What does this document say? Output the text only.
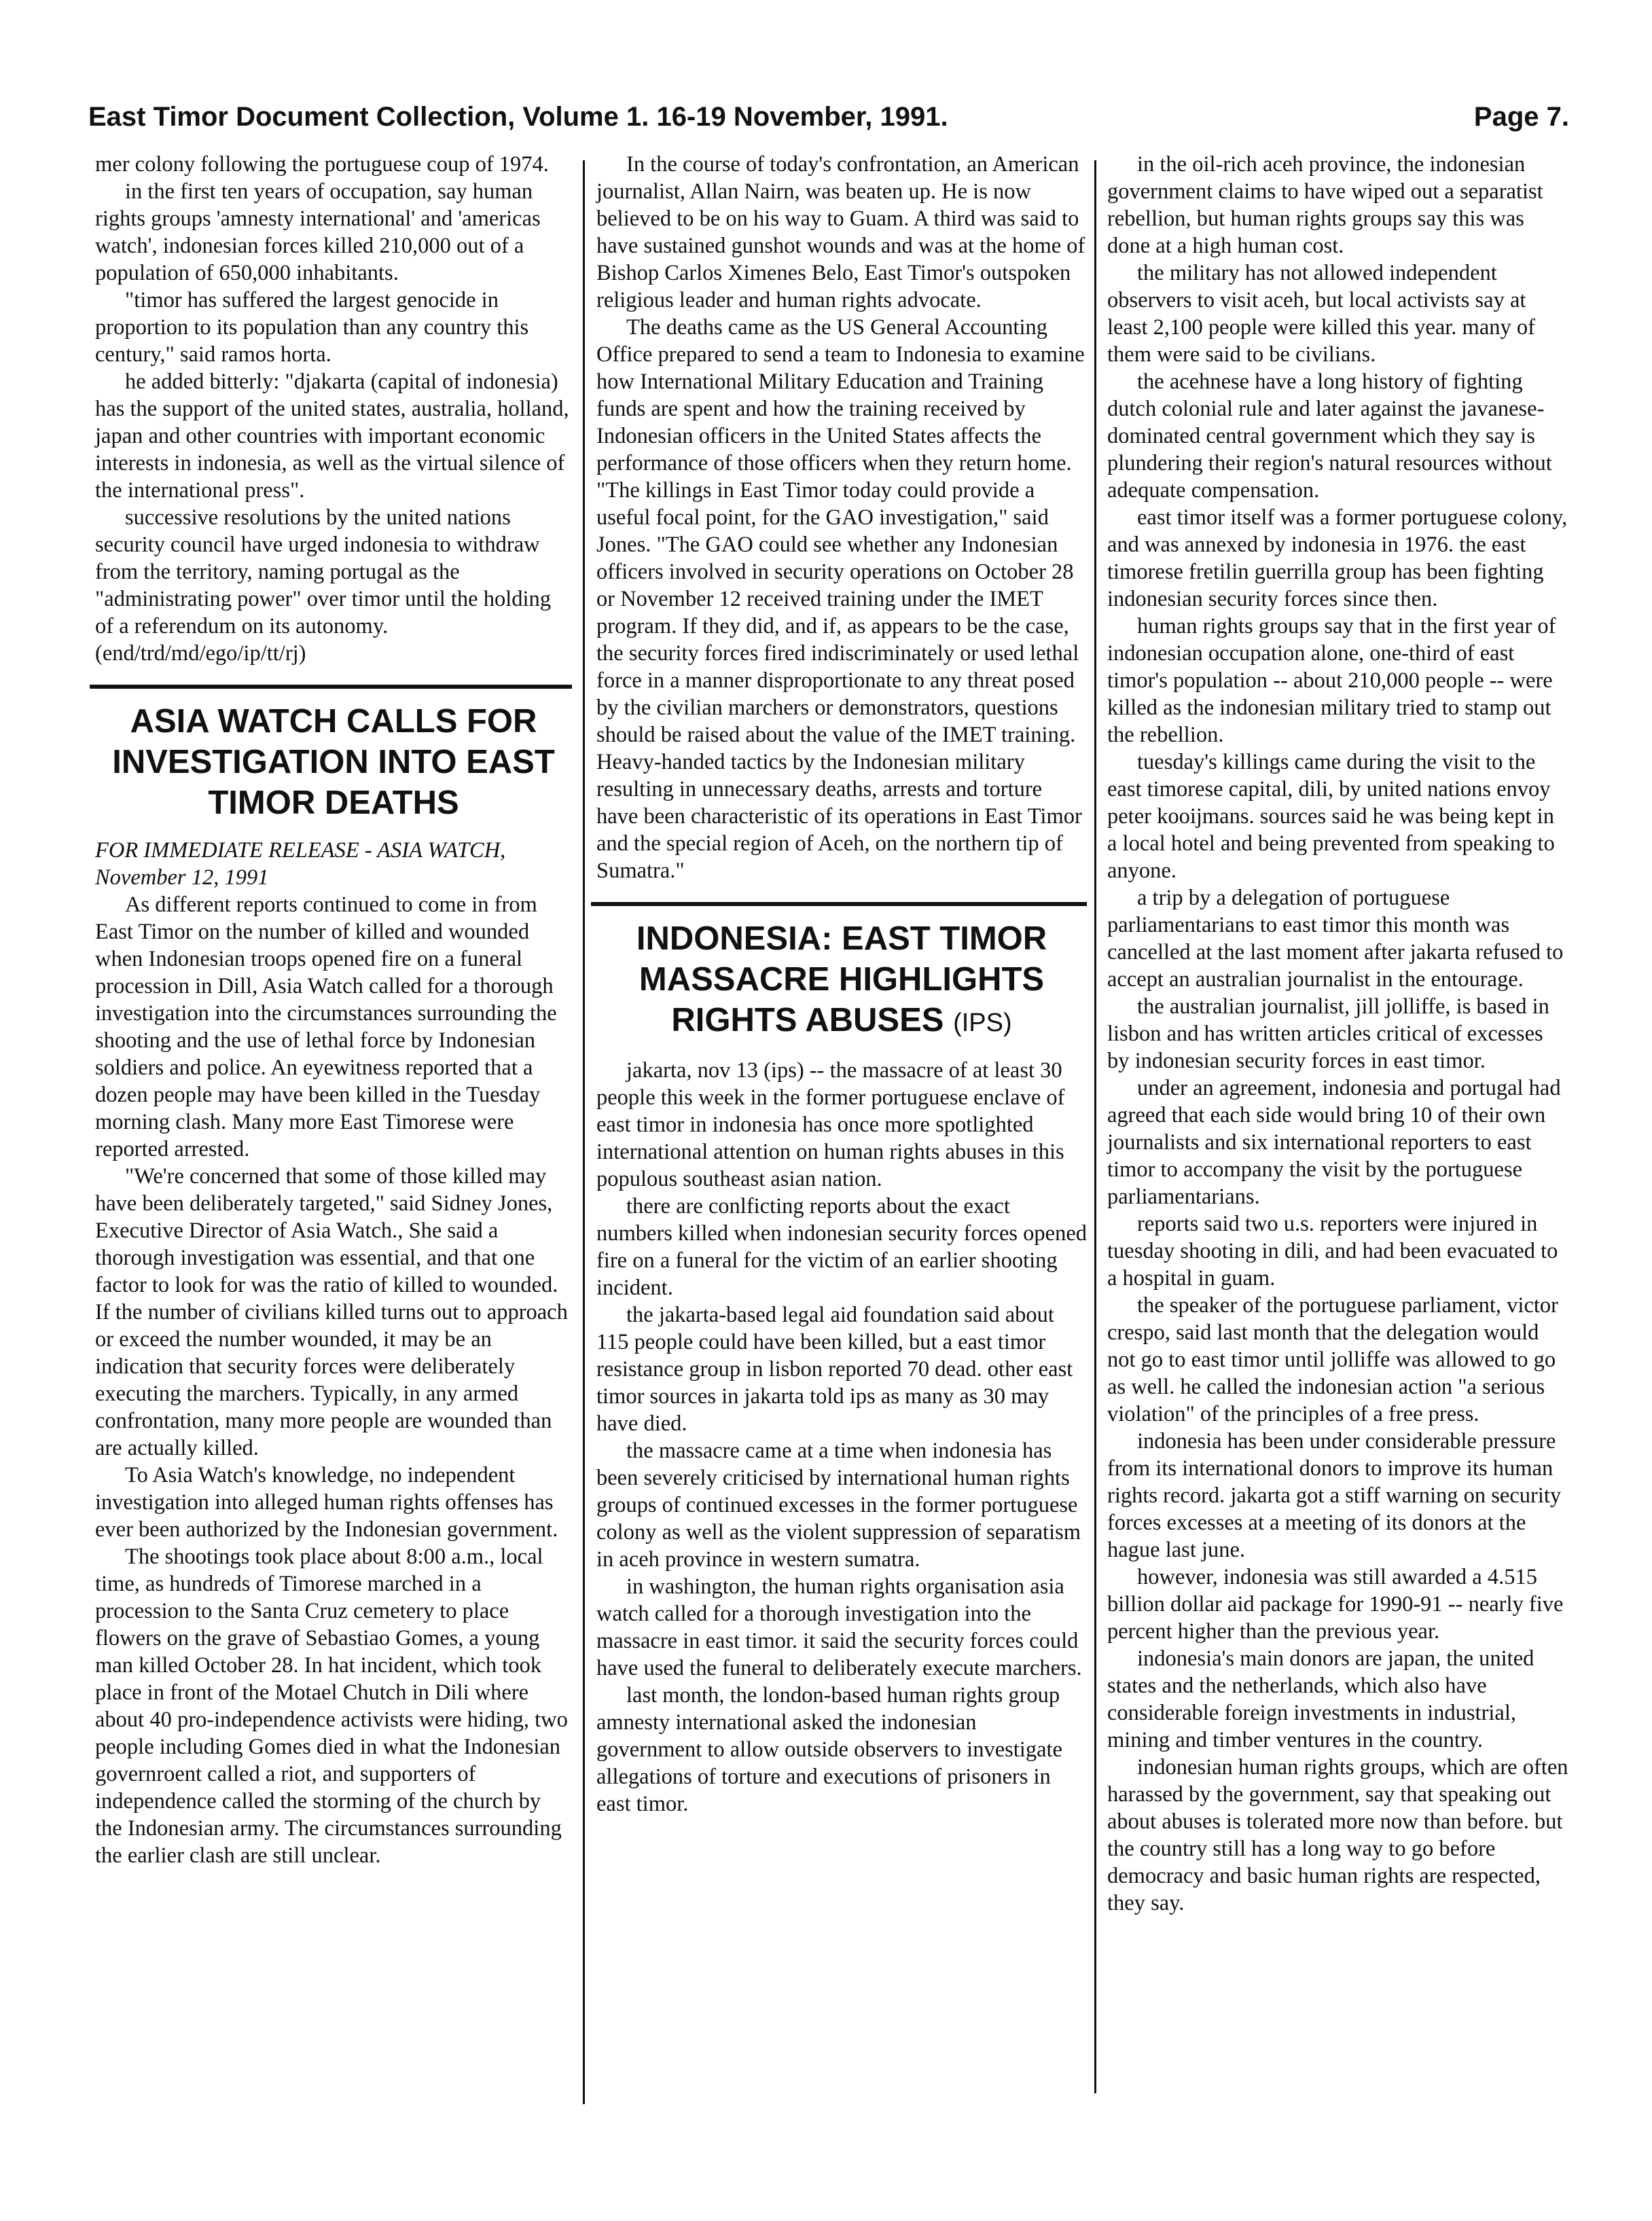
East Timor Document Collection, Volume 1. 16-19 November, 1991.	Page 7.

mer colony following the portuguese coup of 1974.

in the first ten years of occupation, say human rights groups 'amnesty international' and 'americas watch', indonesian forces killed 210,000 out of a population of 650,000 inhabitants.

"timor has suffered the largest genocide in proportion to its population than any country this century," said ramos horta.

he added bitterly: "djakarta (capital of indonesia) has the support of the united states, australia, holland, japan and other countries with important economic interests in indonesia, as well as the virtual silence of the international press".

successive resolutions by the united nations security council have urged indonesia to withdraw from the territory, naming portugal as the "administrating power" over timor until the holding of a referendum on its autonomy. (end/trd/md/ego/ip/tt/rj)

ASIA WATCH CALLS FOR INVESTIGATION INTO EAST TIMOR DEATHS

FOR IMMEDIATE RELEASE - ASIA WATCH, November 12, 1991

As different reports continued to come in from East Timor on the number of killed and wounded when Indonesian troops opened fire on a funeral procession in Dill, Asia Watch called for a thorough investigation into the circumstances surrounding the shooting and the use of lethal force by Indonesian soldiers and police. An eyewitness reported that a dozen people may have been killed in the Tuesday morning clash. Many more East Timorese were reported arrested.

"We're concerned that some of those killed may have been deliberately targeted," said Sidney Jones, Executive Director of Asia Watch., She said a thorough investigation was essential, and that one factor to look for was the ratio of killed to wounded. If the number of civilians killed turns out to approach or exceed the number wounded, it may be an indication that security forces were deliberately executing the marchers. Typically, in any armed confrontation, many more people are wounded than are actually killed.

To Asia Watch's knowledge, no independent investigation into alleged human rights offenses has ever been authorized by the Indonesian government.

The shootings took place about 8:00 a.m., local time, as hundreds of Timorese marched in a procession to the Santa Cruz cemetery to place flowers on the grave of Sebastiao Gomes, a young man killed October 28. In hat incident, which took place in front of the Motael Chutch in Dili where about 40 pro-independence activists were hiding, two people including Gomes died in what the Indonesian governroent called a riot, and supporters of independence called the storming of the church by the Indonesian army. The circumstances surrounding the earlier clash are still unclear.

In the course of today's confrontation, an American journalist, Allan Nairn, was beaten up. He is now believed to be on his way to Guam. A third was said to have sustained gunshot wounds and was at the home of Bishop Carlos Ximenes Belo, East Timor's outspoken religious leader and human rights advocate.

The deaths came as the US General Accounting Office prepared to send a team to Indonesia to examine how International Military Education and Training funds are spent and how the training received by Indonesian officers in the United States affects the performance of those officers when they return home. "The killings in East Timor today could provide a useful focal point, for the GAO investigation," said Jones. "The GAO could see whether any Indonesian officers involved in security operations on October 28 or November 12 received training under the IMET program. If they did, and if, as appears to be the case, the security forces fired indiscriminately or used lethal force in a manner disproportionate to any threat posed by the civilian marchers or demonstrators, questions should be raised about the value of the IMET training. Heavy-handed tactics by the Indonesian military resulting in unnecessary deaths, arrests and torture have been characteristic of its operations in East Timor and the special region of Aceh, on the northern tip of Sumatra."

INDONESIA: EAST TIMOR MASSACRE HIGHLIGHTS RIGHTS ABUSES (IPS)

jakarta, nov 13 (ips) -- the massacre of at least 30 people this week in the former portuguese enclave of east timor in indonesia has once more spotlighted international attention on human rights abuses in this populous southeast asian nation.

there are conlficting reports about the exact numbers killed when indonesian security forces opened fire on a funeral for the victim of an earlier shooting incident.

the jakarta-based legal aid foundation said about 115 people could have been killed, but a east timor resistance group in lisbon reported 70 dead. other east timor sources in jakarta told ips as many as 30 may have died.

the massacre came at a time when indonesia has been severely criticised by international human rights groups of continued excesses in the former portuguese colony as well as the violent suppression of separatism in aceh province in western sumatra.

in washington, the human rights organisation asia watch called for a thorough investigation into the massacre in east timor. it said the security forces could have used the funeral to deliberately execute marchers.

last month, the london-based human rights group amnesty international asked the indonesian government to allow outside observers to investigate allegations of torture and executions of prisoners in east timor.

in the oil-rich aceh province, the indonesian government claims to have wiped out a separatist rebellion, but human rights groups say this was done at a high human cost.

the military has not allowed independent observers to visit aceh, but local activists say at least 2,100 people were killed this year. many of them were said to be civilians.

the acehnese have a long history of fighting dutch colonial rule and later against the javanese-dominated central government which they say is plundering their region's natural resources without adequate compensation.

east timor itself was a former portuguese colony, and was annexed by indonesia in 1976. the east timorese fretilin guerrilla group has been fighting indonesian security forces since then.

human rights groups say that in the first year of indonesian occupation alone, one-third of east timor's population -- about 210,000 people -- were killed as the indonesian military tried to stamp out the rebellion.

tuesday's killings came during the visit to the east timorese capital, dili, by united nations envoy peter kooijmans. sources said he was being kept in a local hotel and being prevented from speaking to anyone.

a trip by a delegation of portuguese parliamentarians to east timor this month was cancelled at the last moment after jakarta refused to accept an australian journalist in the entourage.

the australian journalist, jill jolliffe, is based in lisbon and has written articles critical of excesses by indonesian security forces in east timor.

under an agreement, indonesia and portugal had agreed that each side would bring 10 of their own journalists and six international reporters to east timor to accompany the visit by the portuguese parliamentarians.

reports said two u.s. reporters were injured in tuesday shooting in dili, and had been evacuated to a hospital in guam.

the speaker of the portuguese parliament, victor crespo, said last month that the delegation would not go to east timor until jolliffe was allowed to go as well. he called the indonesian action "a serious violation" of the principles of a free press.

indonesia has been under considerable pressure from its international donors to improve its human rights record. jakarta got a stiff warning on security forces excesses at a meeting of its donors at the hague last june.

however, indonesia was still awarded a 4.515 billion dollar aid package for 1990-91 -- nearly five percent higher than the previous year.

indonesia's main donors are japan, the united states and the netherlands, which also have considerable foreign investments in industrial, mining and timber ventures in the country.

indonesian human rights groups, which are often harassed by the government, say that speaking out about abuses is tolerated more now than before. but the country still has a long way to go before democracy and basic human rights are respected, they say.
